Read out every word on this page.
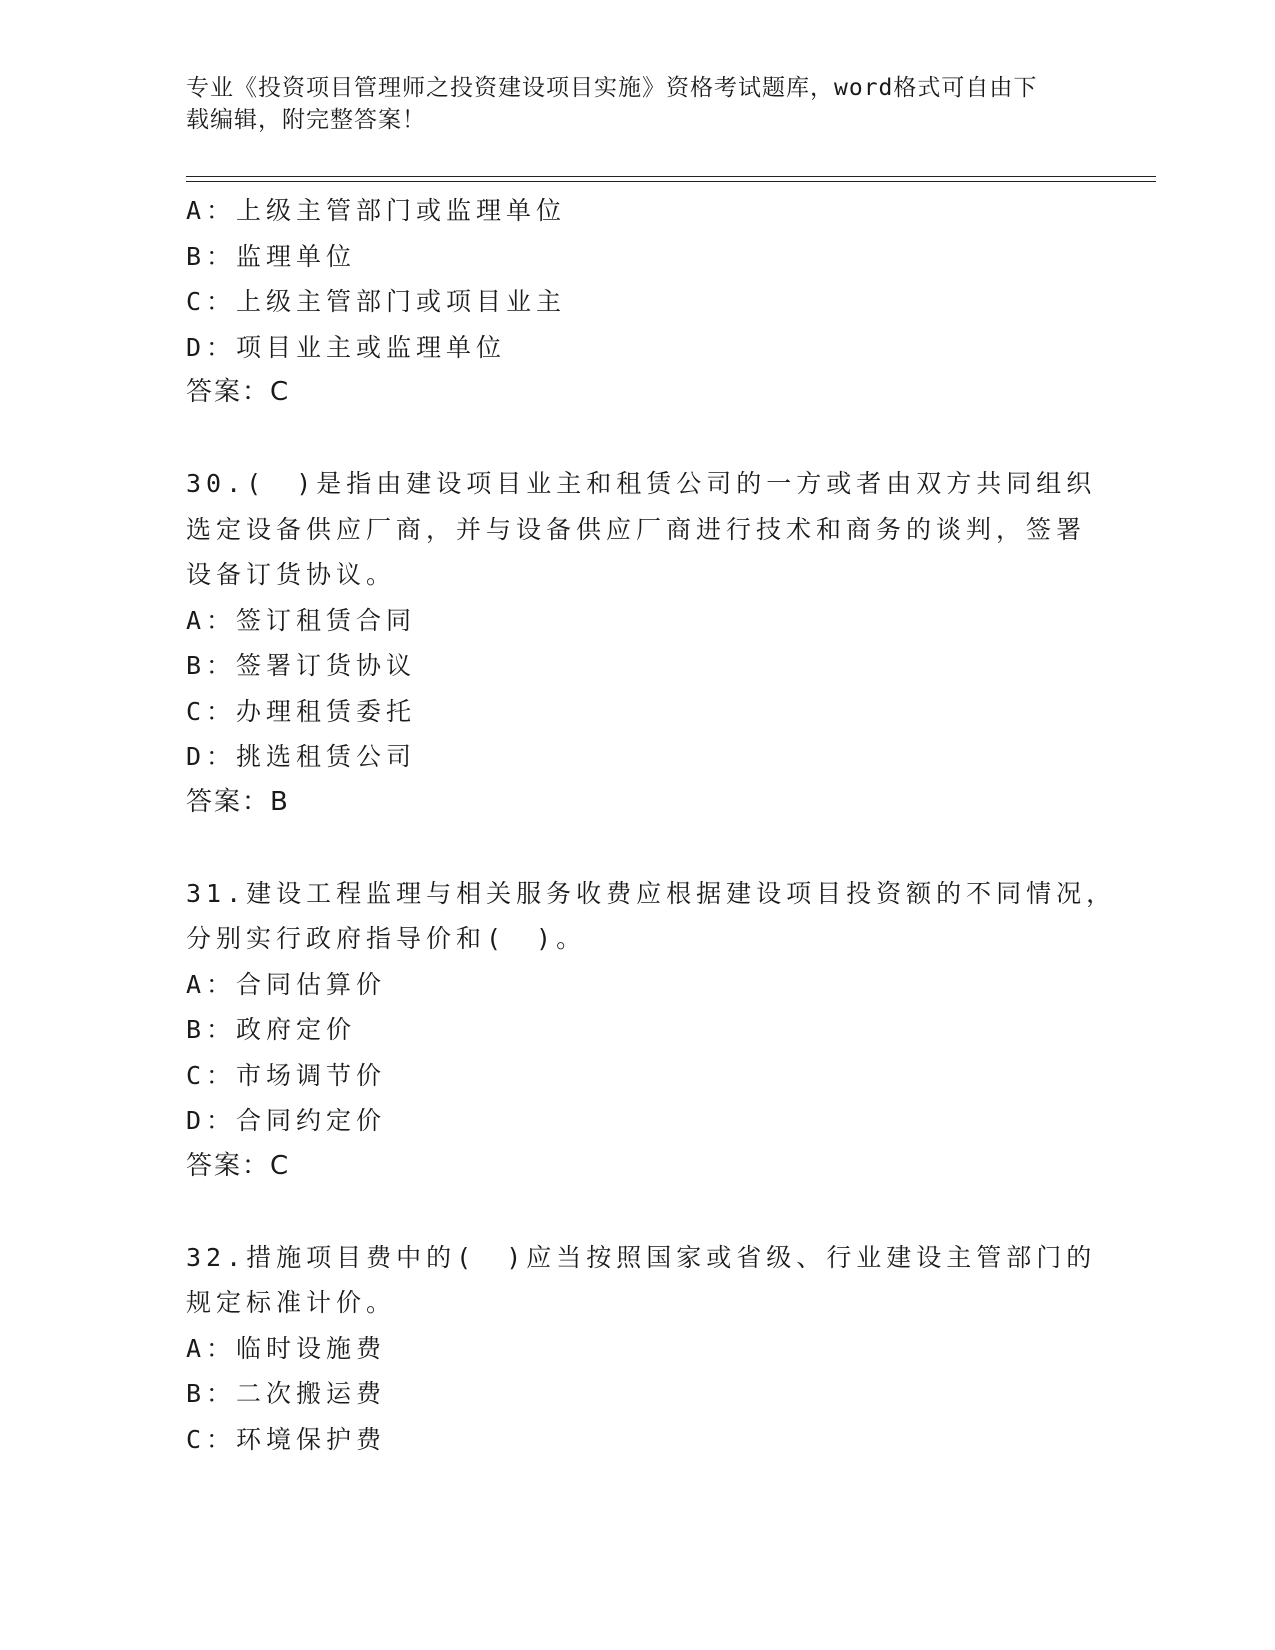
专业《投资项目管理师之投资建设项目实施》资格考试题库，word格式可自由下载编辑，附完整答案！
A：上级主管部门或监理单位
B：监理单位
C：上级主管部门或项目业主
D：项目业主或监理单位
答案：C
30.(　)是指由建设项目业主和租赁公司的一方或者由双方共同组织
选定设备供应厂商，并与设备供应厂商进行技术和商务的谈判，签署
设备订货协议。
A：签订租赁合同
B：签署订货协议
C：办理租赁委托
D：挑选租赁公司
答案：B
31.建设工程监理与相关服务收费应根据建设项目投资额的不同情况，
分别实行政府指导价和(　)。
A：合同估算价
B：政府定价
C：市场调节价
D：合同约定价
答案：C
32.措施项目费中的(　)应当按照国家或省级、行业建设主管部门的
规定标准计价。
A：临时设施费
B：二次搬运费
C：环境保护费
